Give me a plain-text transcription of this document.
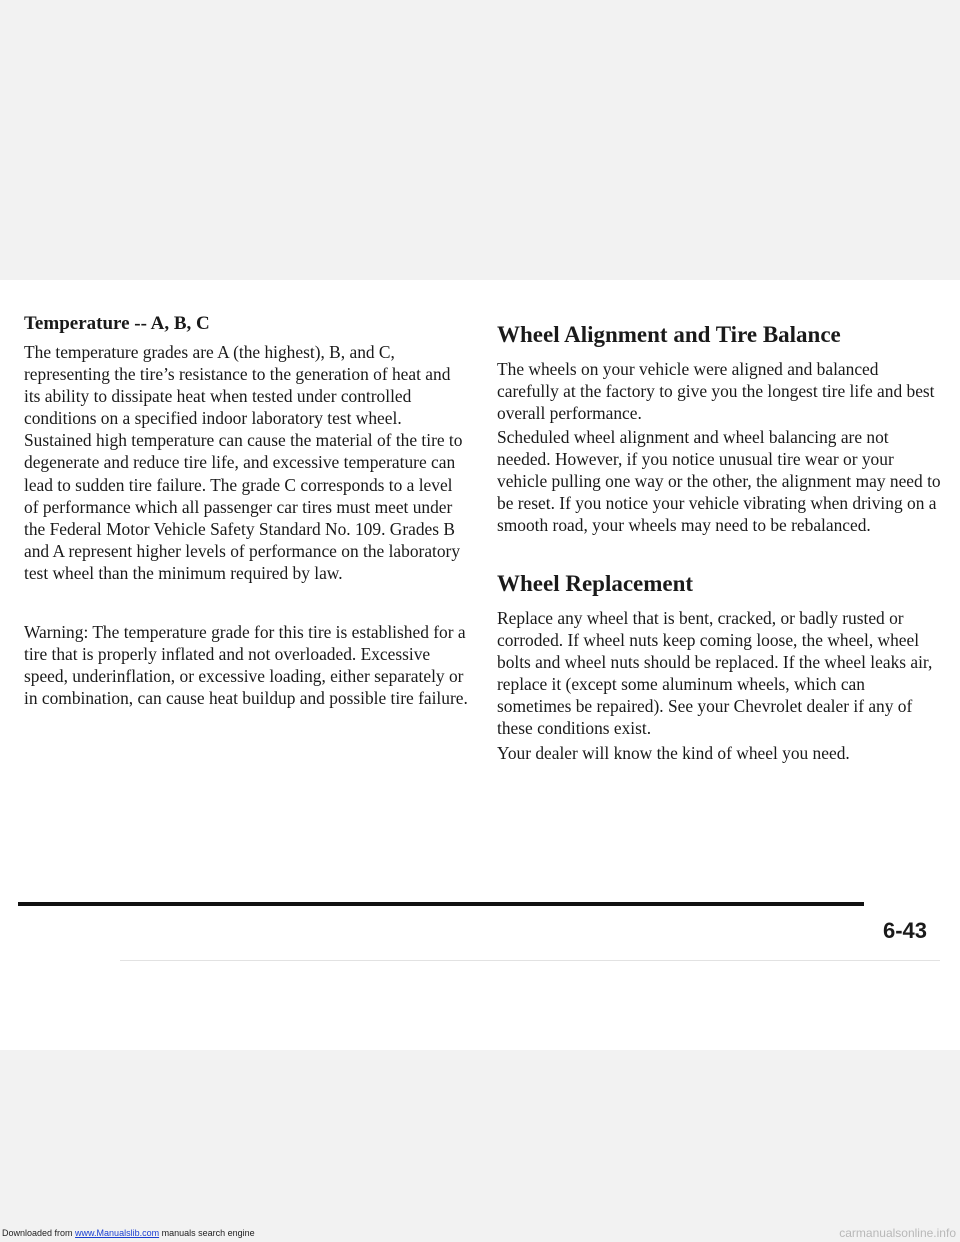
Temperature -- A, B, C

The temperature grades are A (the highest), B, and C, representing the tire’s resistance to the generation of heat and its ability to dissipate heat when tested under controlled conditions on a specified indoor laboratory test wheel. Sustained high temperature can cause the material of the tire to degenerate and reduce tire life, and excessive temperature can lead to sudden tire failure. The grade C corresponds to a level of performance which all passenger car tires must meet under the Federal Motor Vehicle Safety Standard No. 109. Grades B and A represent higher levels of performance on the laboratory test wheel than the minimum required by law.

Warning: The temperature grade for this tire is established for a tire that is properly inflated and not overloaded. Excessive speed, underinflation, or excessive loading, either separately or in combination, can cause heat buildup and possible tire failure.

Wheel Alignment and Tire Balance

The wheels on your vehicle were aligned and balanced carefully at the factory to give you the longest tire life and best overall performance.

Scheduled wheel alignment and wheel balancing are not needed. However, if you notice unusual tire wear or your vehicle pulling one way or the other, the alignment may need to be reset. If you notice your vehicle vibrating when driving on a smooth road, your wheels may need to be rebalanced.

Wheel Replacement

Replace any wheel that is bent, cracked, or badly rusted or corroded. If wheel nuts keep coming loose, the wheel, wheel bolts and wheel nuts should be replaced. If the wheel leaks air, replace it (except some aluminum wheels, which can sometimes be repaired). See your Chevrolet dealer if any of these conditions exist.

Your dealer will know the kind of wheel you need.

6-43
Downloaded from www.Manualslib.com manuals search engine	carmanualsonline.info
